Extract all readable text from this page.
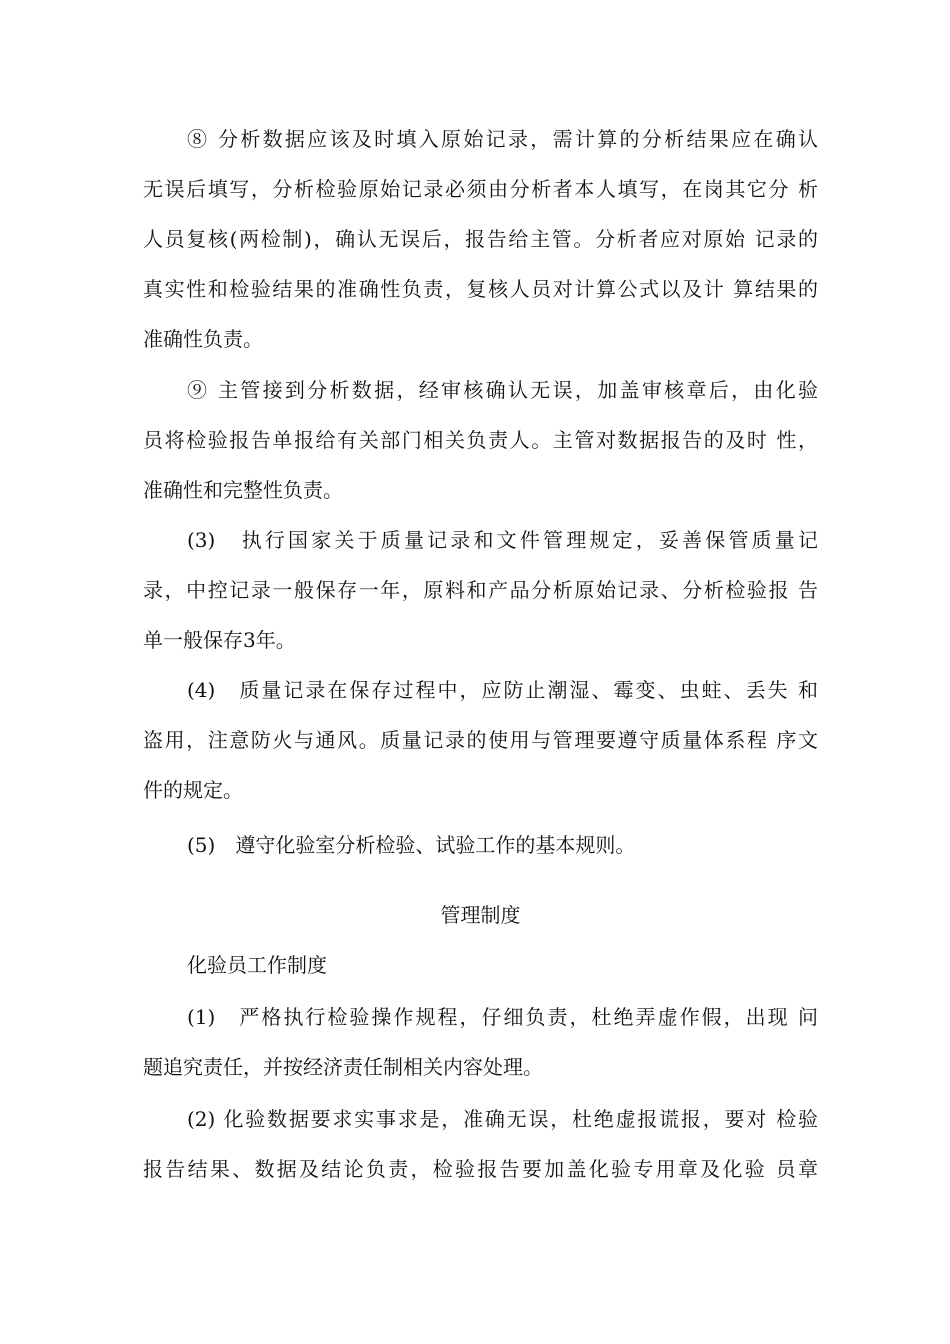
⑧ 分析数据应该及时填入原始记录，需计算的分析结果应在确认
无误后填写，分析检验原始记录必须由分析者本人填写，在岗其它分 析
人员复核(两检制)，确认无误后，报告给主管。分析者应对原始 记录的
真实性和检验结果的准确性负责，复核人员对计算公式以及计 算结果的
准确性负责。
⑨ 主管接到分析数据，经审核确认无误，加盖审核章后，由化验
员将检验报告单报给有关部门相关负责人。主管对数据报告的及时 性，
准确性和完整性负责。
(3)　执行国家关于质量记录和文件管理规定，妥善保管质量记
录，中控记录一般保存一年，原料和产品分析原始记录、分析检验报 告
单一般保存3年。
(4)　质量记录在保存过程中，应防止潮湿、霉变、虫蛀、丢失 和
盗用，注意防火与通风。质量记录的使用与管理要遵守质量体系程 序文
件的规定。
(5)　遵守化验室分析检验、试验工作的基本规则。
管理制度
化验员工作制度
(1)　严格执行检验操作规程，仔细负责，杜绝弄虚作假，出现 问
题追究责任，并按经济责任制相关内容处理。
(2) 化验数据要求实事求是，准确无误，杜绝虚报谎报，要对 检验
报告结果、数据及结论负责，检验报告要加盖化验专用章及化验 员章
